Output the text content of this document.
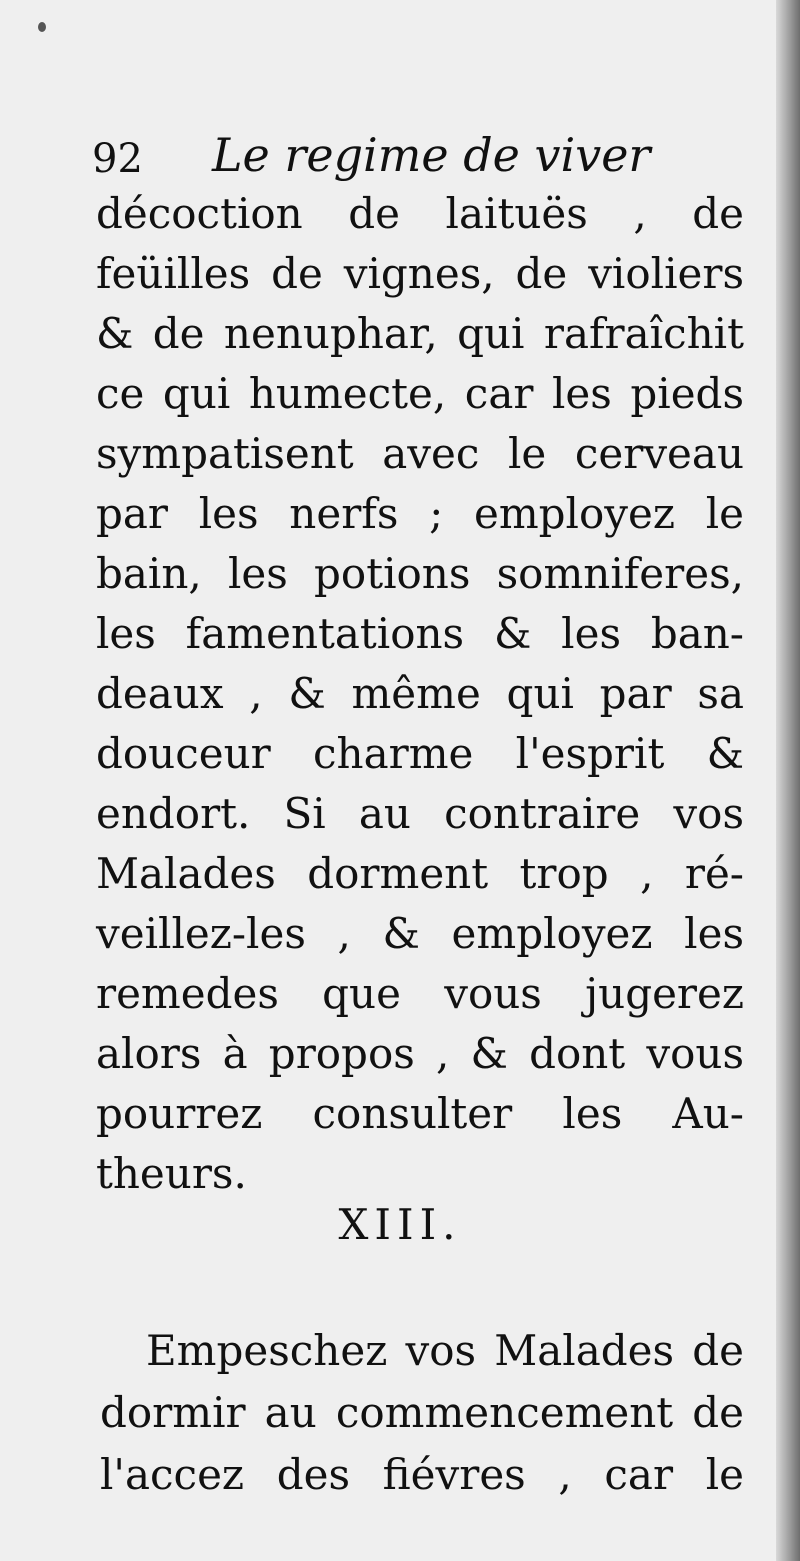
92 Le regime de viver
décoction de laituës , de
feüilles de vignes, de violiers
& de nenuphar, qui rafraîchit
ce qui humecte, car les pieds
sympatisent avec le cerveau
par les nerfs ; employez le
bain, les potions somniferes,
les famentations & les ban-
deaux , & même qui par sa
douceur charme l'esprit &
endort. Si au contraire vos
Malades dorment trop , ré-
veillez-les , & employez les
remedes que vous jugerez
alors à propos , & dont vous
pourrez consulter les Au-
theurs.
XIII.
Empeschez vos Malades de
dormir au commencement de
l'accez des fiévres , car le
